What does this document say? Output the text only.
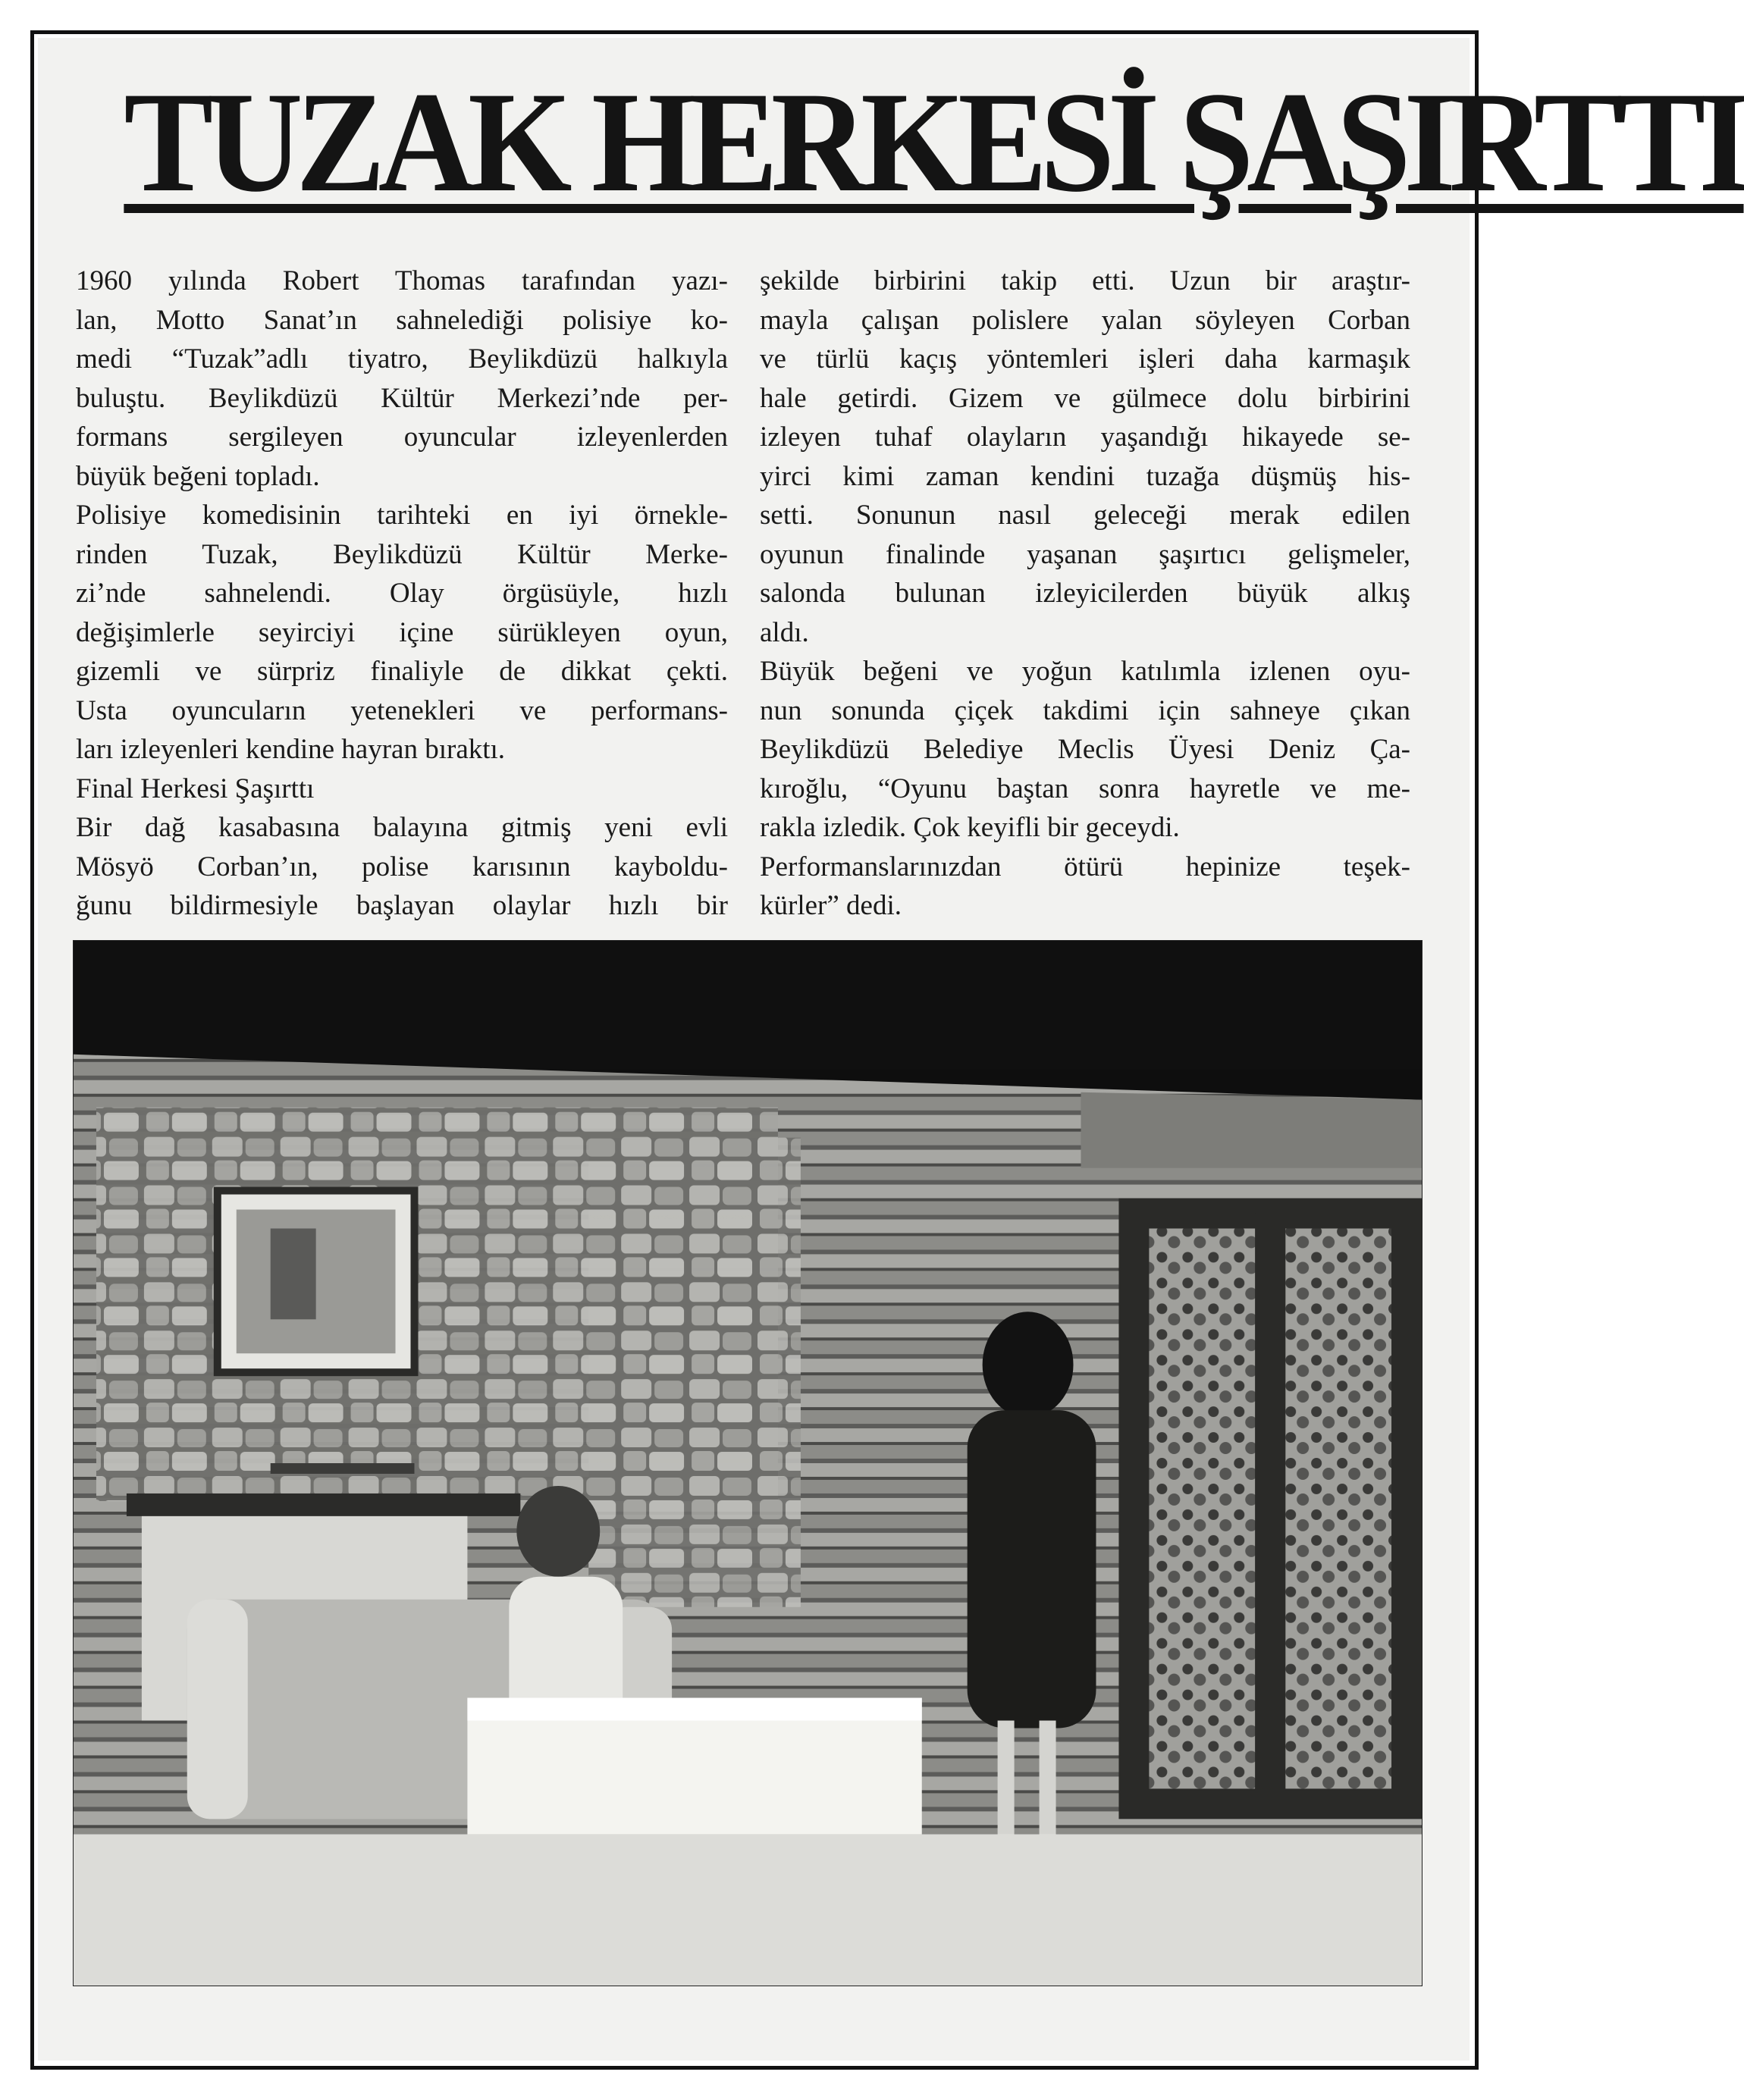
TUZAK HERKESİ ŞAŞIRTTI
1960 yılında Robert Thomas tarafından yazı-
lan, Motto Sanat’ın sahnelediği polisiye ko-
medi “Tuzak”adlı tiyatro, Beylikdüzü halkıyla
buluştu. Beylikdüzü Kültür Merkezi’nde per-
formans sergileyen oyuncular izleyenlerden
büyük beğeni topladı.
Polisiye komedisinin tarihteki en iyi örnekle-
rinden Tuzak, Beylikdüzü Kültür Merke-
zi’nde sahnelendi. Olay örgüsüyle, hızlı
değişimlerle seyirciyi içine sürükleyen oyun,
gizemli ve sürpriz finaliyle de dikkat çekti.
Usta oyuncuların yetenekleri ve performans-
ları izleyenleri kendine hayran bıraktı.
Final Herkesi Şaşırttı
Bir dağ kasabasına balayına gitmiş yeni evli
Mösyö Corban’ın, polise karısının kayboldu-
ğunu bildirmesiyle başlayan olaylar hızlı bir
şekilde birbirini takip etti. Uzun bir araştır-
mayla çalışan polislere yalan söyleyen Corban
ve türlü kaçış yöntemleri işleri daha karmaşık
hale getirdi. Gizem ve gülmece dolu birbirini
izleyen tuhaf olayların yaşandığı hikayede se-
yirci kimi zaman kendini tuzağa düşmüş his-
setti. Sonunun nasıl geleceği merak edilen
oyunun finalinde yaşanan şaşırtıcı gelişmeler,
salonda bulunan izleyicilerden büyük alkış
aldı.
Büyük beğeni ve yoğun katılımla izlenen oyu-
nun sonunda çiçek takdimi için sahneye çıkan
Beylikdüzü Belediye Meclis Üyesi Deniz Ça-
kıroğlu, “Oyunu baştan sonra hayretle ve me-
rakla izledik. Çok keyifli bir geceydi.
Performanslarınızdan ötürü hepinize teşek-
kürler” dedi.
